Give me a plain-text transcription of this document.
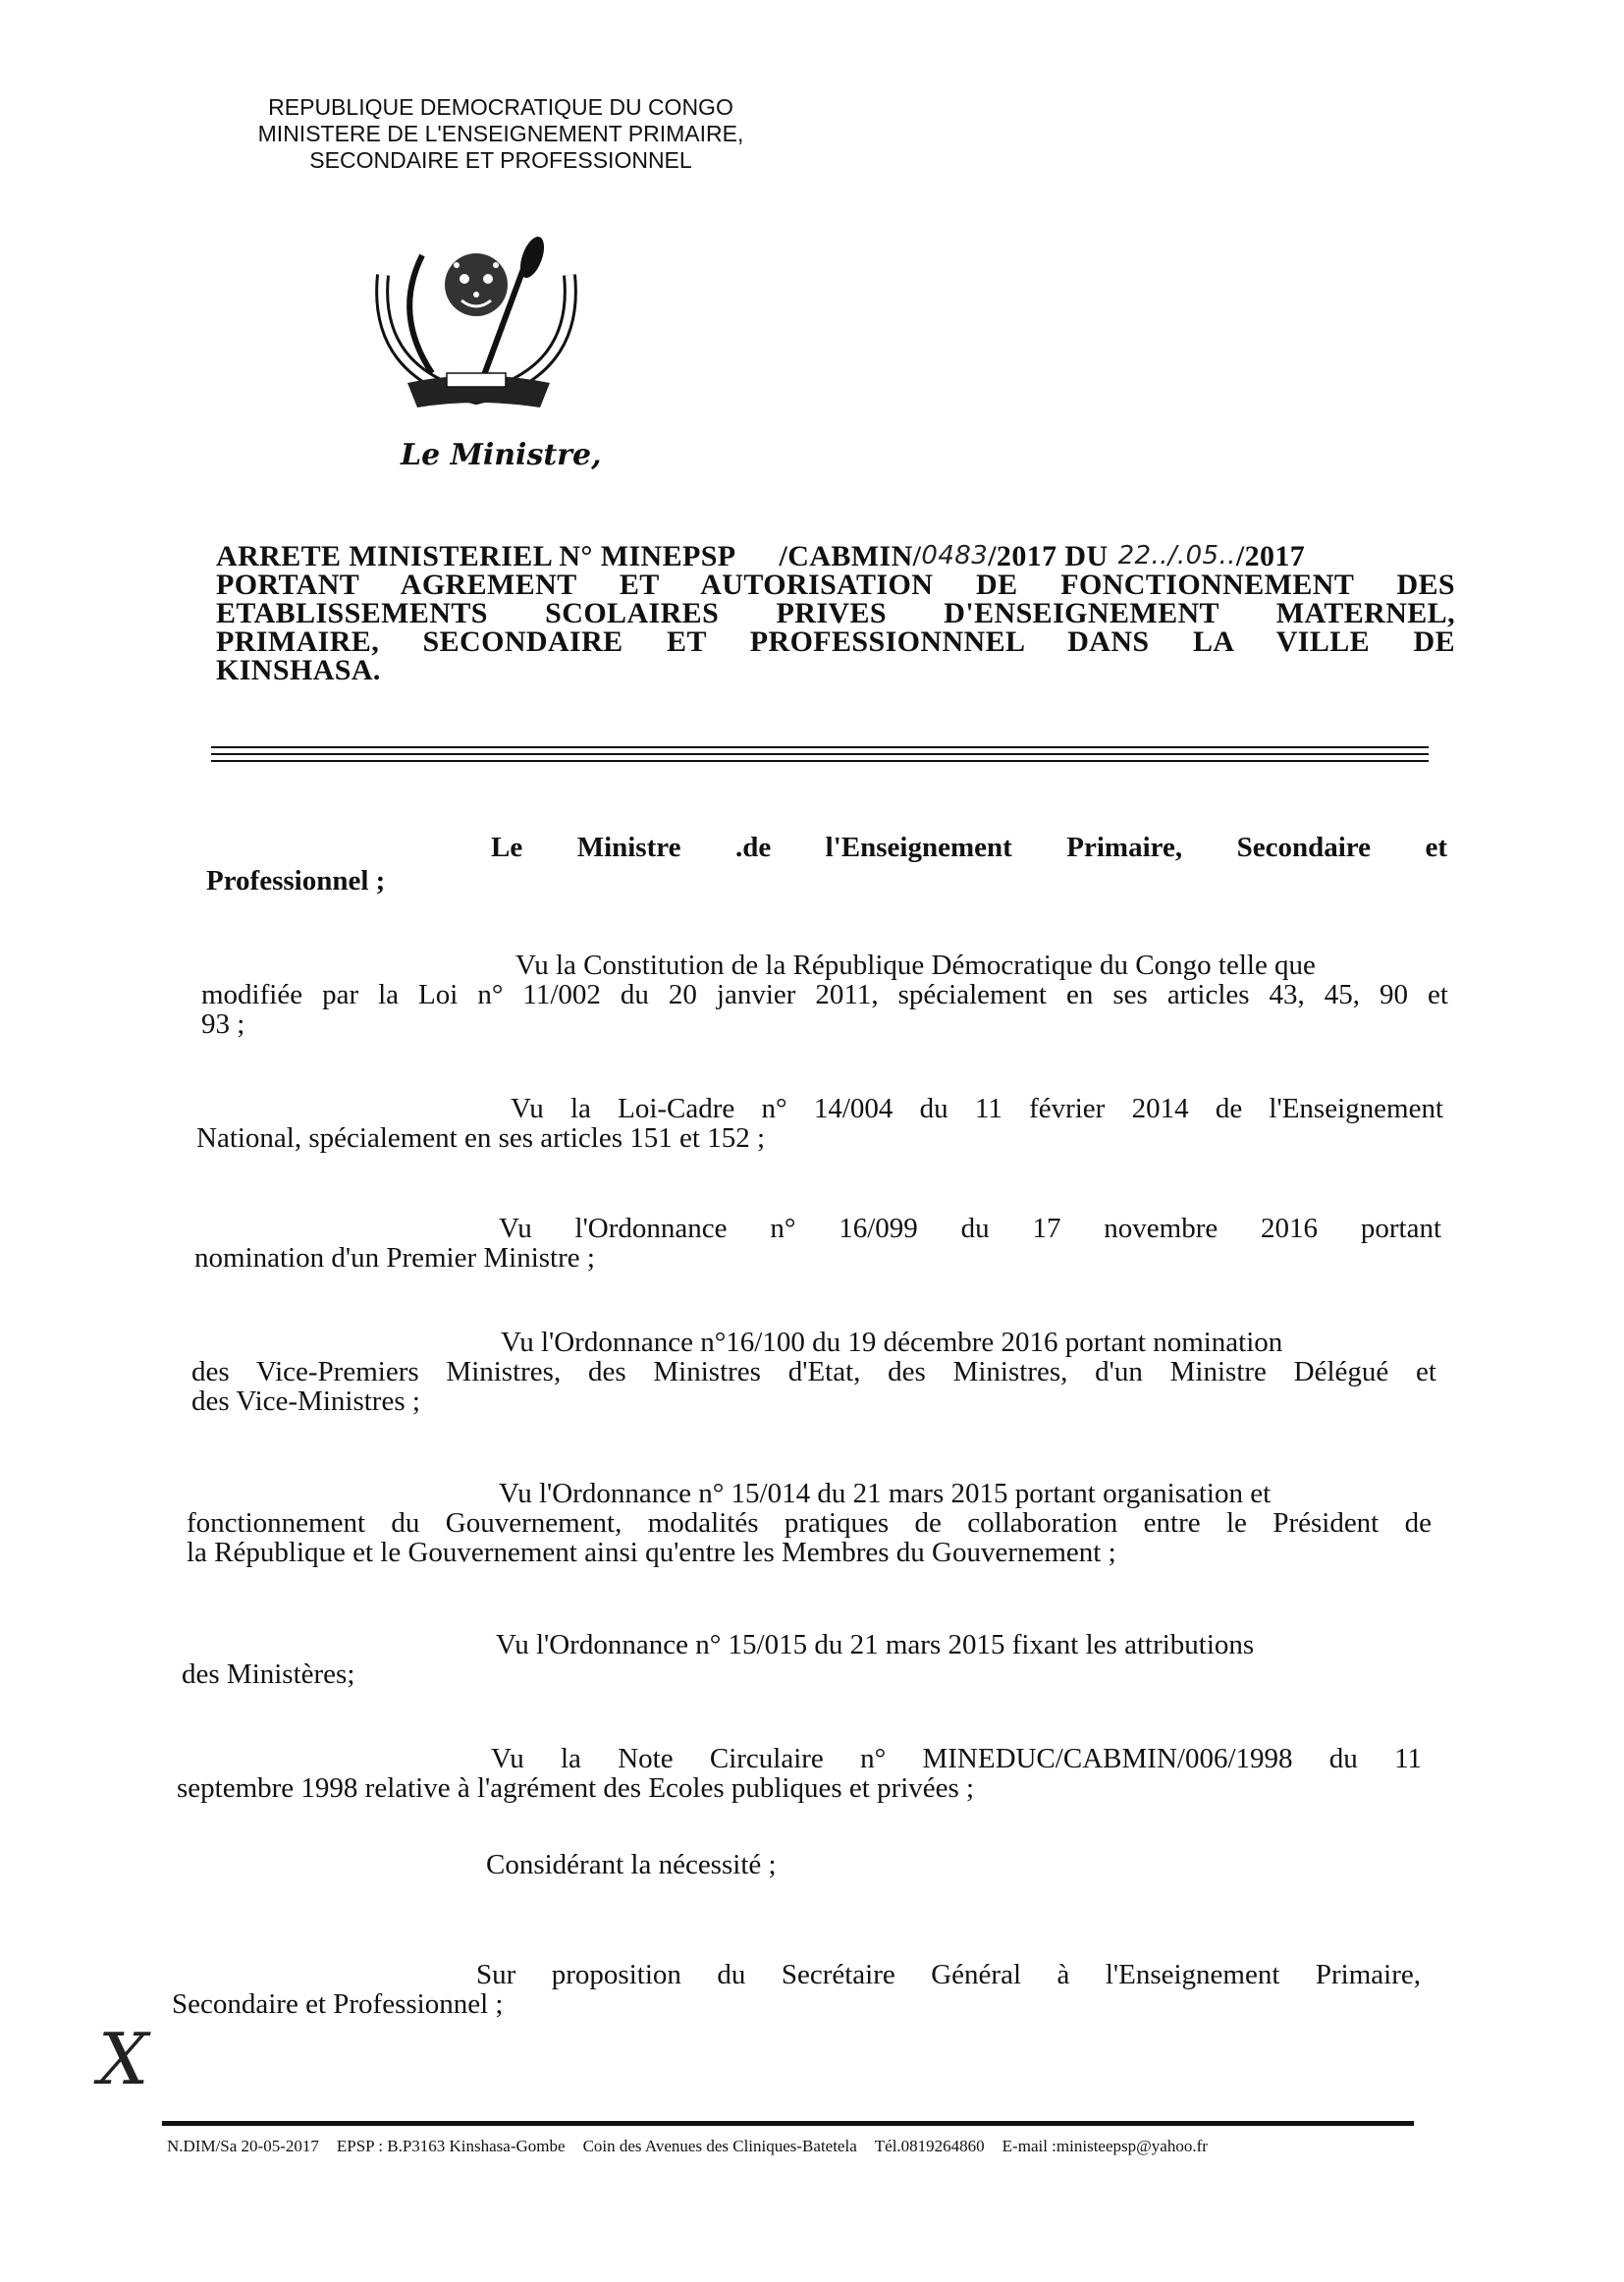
REPUBLIQUE DEMOCRATIQUE DU CONGO
MINISTERE DE L'ENSEIGNEMENT PRIMAIRE,
SECONDAIRE ET PROFESSIONNEL
Le Ministre,
ARRETE MINISTERIEL N° MINEPSP /CABMIN/ 0483 /2017 DU 22../.05.. /2017
PORTANT AGREMENT ET AUTORISATION DE FONCTIONNEMENT DES
ETABLISSEMENTS SCOLAIRES PRIVES D'ENSEIGNEMENT MATERNEL,
PRIMAIRE, SECONDAIRE ET PROFESSIONNNEL DANS LA VILLE DE
KINSHASA.
Le Ministre .de l'Enseignement Primaire, Secondaire et
Professionnel ;
Vu la Constitution de la République Démocratique du Congo telle que
modifiée par la Loi n° 11/002 du 20 janvier 2011, spécialement en ses articles 43, 45, 90 et
93 ;
Vu la Loi-Cadre n° 14/004 du 11 février 2014 de l'Enseignement
National, spécialement en ses articles 151 et 152 ;
Vu l'Ordonnance n° 16/099 du 17 novembre 2016 portant
nomination d'un Premier Ministre ;
Vu l'Ordonnance n°16/100 du 19 décembre 2016 portant nomination
des Vice-Premiers Ministres, des Ministres d'Etat, des Ministres, d'un Ministre Délégué et
des Vice-Ministres ;
Vu l'Ordonnance n° 15/014 du 21 mars 2015 portant organisation et
fonctionnement du Gouvernement, modalités pratiques de collaboration entre le Président de
la République et le Gouvernement ainsi qu'entre les Membres du Gouvernement ;
Vu l'Ordonnance n° 15/015 du 21 mars 2015 fixant les attributions
des Ministères;
Vu la Note Circulaire n° MINEDUC/CABMIN/006/1998 du 11
septembre 1998 relative à l'agrément des Ecoles publiques et privées ;
Considérant la nécessité ;
Sur proposition du Secrétaire Général à l'Enseignement Primaire,
Secondaire et Professionnel ;
X
N.DIM/Sa 20-05-2017 EPSP : B.P3163 Kinshasa-Gombe Coin des Avenues des Cliniques-Batetela Tél.0819264860 E-mail :ministeepsp@yahoo.fr
